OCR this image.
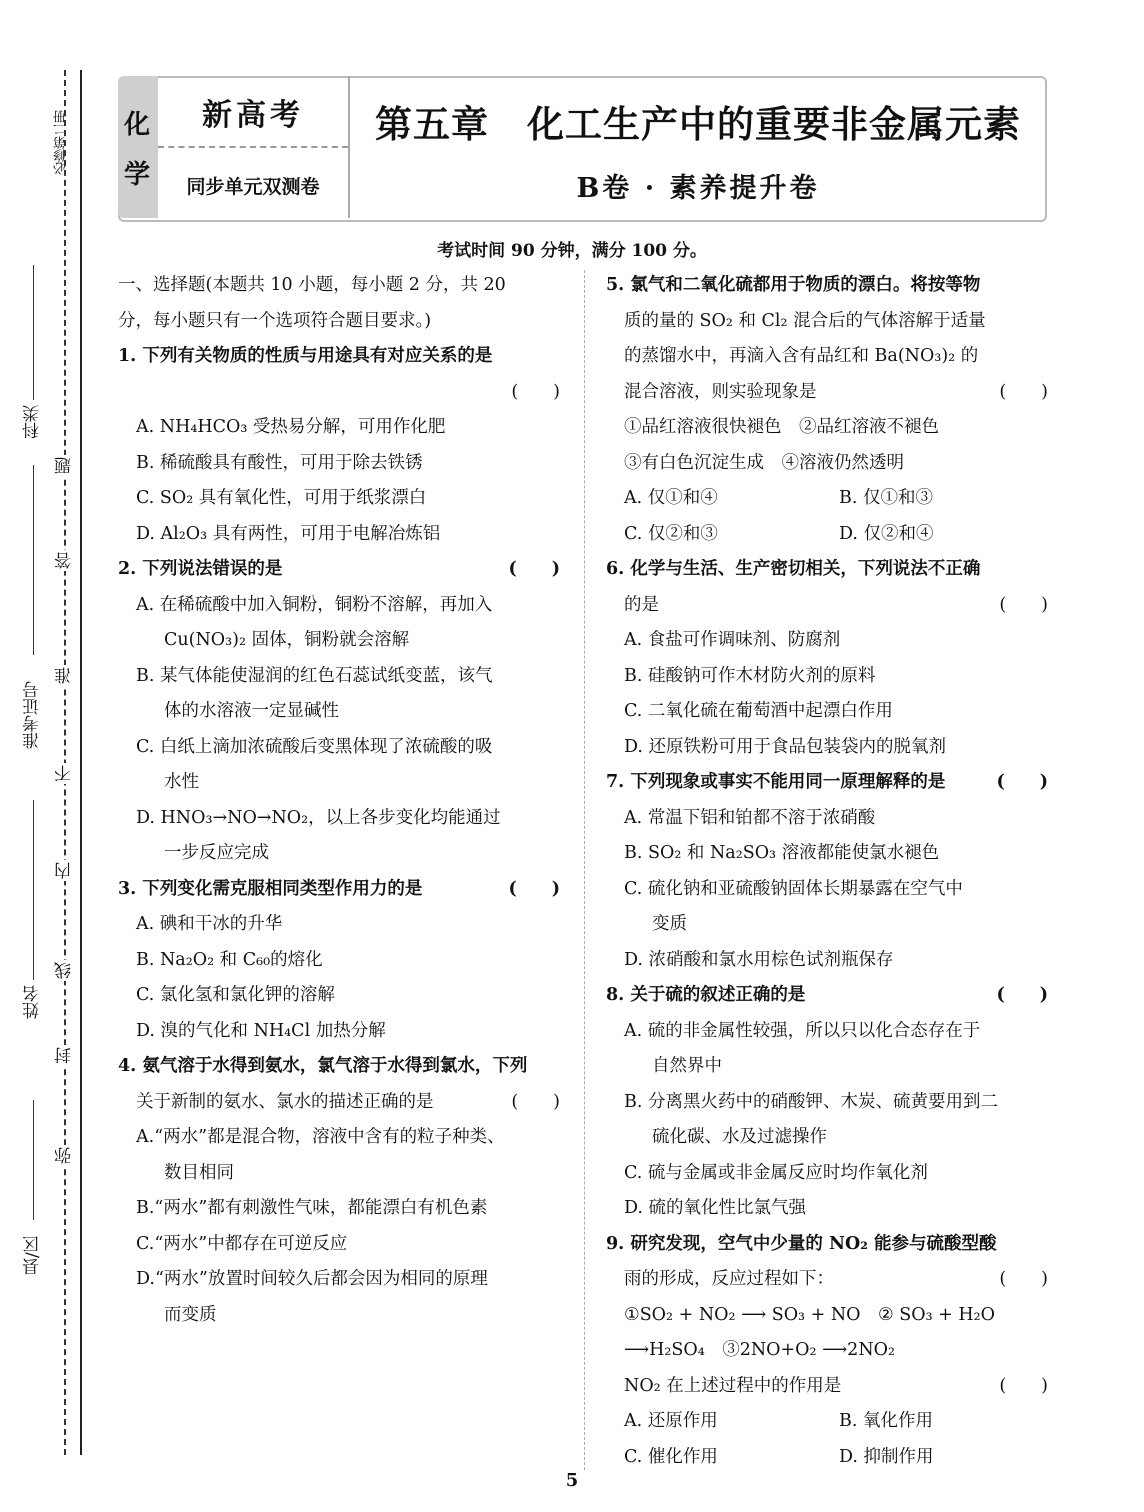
必修第二册
科类
准考证号
姓名
县/区
题
答
准
不
内
线
封
弥
化
学
新高考
同步单元双测卷
第五章　化工生产中的重要非金属元素
B卷 · 素养提升卷
考试时间 90 分钟，满分 100 分。
一、选择题(本题共 10 小题，每小题 2 分，共 20
分，每小题只有一个选项符合题目要求。)
1. 下列有关物质的性质与用途具有对应关系的是
(　　)
A. NH₄HCO₃ 受热易分解，可用作化肥
B. 稀硫酸具有酸性，可用于除去铁锈
C. SO₂ 具有氧化性，可用于纸浆漂白
D. Al₂O₃ 具有两性，可用于电解冶炼铝
2. 下列说法错误的是	(　　)
A. 在稀硫酸中加入铜粉，铜粉不溶解，再加入
Cu(NO₃)₂ 固体，铜粉就会溶解
B. 某气体能使湿润的红色石蕊试纸变蓝，该气
体的水溶液一定显碱性
C. 白纸上滴加浓硫酸后变黑体现了浓硫酸的吸
水性
D. HNO₃→NO→NO₂，以上各步变化均能通过
一步反应完成
3. 下列变化需克服相同类型作用力的是	(　　)
A. 碘和干冰的升华
B. Na₂O₂ 和 C₆₀的熔化
C. 氯化氢和氯化钾的溶解
D. 溴的气化和 NH₄Cl 加热分解
4. 氨气溶于水得到氨水，氯气溶于水得到氯水，下列
关于新制的氨水、氯水的描述正确的是	(　　)
A.“两水”都是混合物，溶液中含有的粒子种类、
数目相同
B.“两水”都有刺激性气味，都能漂白有机色素
C.“两水”中都存在可逆反应
D.“两水”放置时间较久后都会因为相同的原理
而变质
5. 氯气和二氧化硫都用于物质的漂白。将按等物
质的量的 SO₂ 和 Cl₂ 混合后的气体溶解于适量
的蒸馏水中，再滴入含有品红和 Ba(NO₃)₂ 的
混合溶液，则实验现象是	(　　)
①品红溶液很快褪色　②品红溶液不褪色
③有白色沉淀生成　④溶液仍然透明
A. 仅①和④	B. 仅①和③
C. 仅②和③	D. 仅②和④
6. 化学与生活、生产密切相关，下列说法不正确
的是	(　　)
A. 食盐可作调味剂、防腐剂
B. 硅酸钠可作木材防火剂的原料
C. 二氧化硫在葡萄酒中起漂白作用
D. 还原铁粉可用于食品包装袋内的脱氧剂
7. 下列现象或事实不能用同一原理解释的是	(　　)
A. 常温下铝和铂都不溶于浓硝酸
B. SO₂ 和 Na₂SO₃ 溶液都能使氯水褪色
C. 硫化钠和亚硫酸钠固体长期暴露在空气中
变质
D. 浓硝酸和氯水用棕色试剂瓶保存
8. 关于硫的叙述正确的是	(　　)
A. 硫的非金属性较强，所以只以化合态存在于
自然界中
B. 分离黑火药中的硝酸钾、木炭、硫黄要用到二
硫化碳、水及过滤操作
C. 硫与金属或非金属反应时均作氧化剂
D. 硫的氧化性比氯气强
9. 研究发现，空气中少量的 NO₂ 能参与硫酸型酸
雨的形成，反应过程如下：	(　　)
①SO₂ + NO₂ ⟶ SO₃ + NO　② SO₃ + H₂O
⟶H₂SO₄　③2NO+O₂ ⟶2NO₂
NO₂ 在上述过程中的作用是	(　　)
A. 还原作用	B. 氧化作用
C. 催化作用	D. 抑制作用
5
